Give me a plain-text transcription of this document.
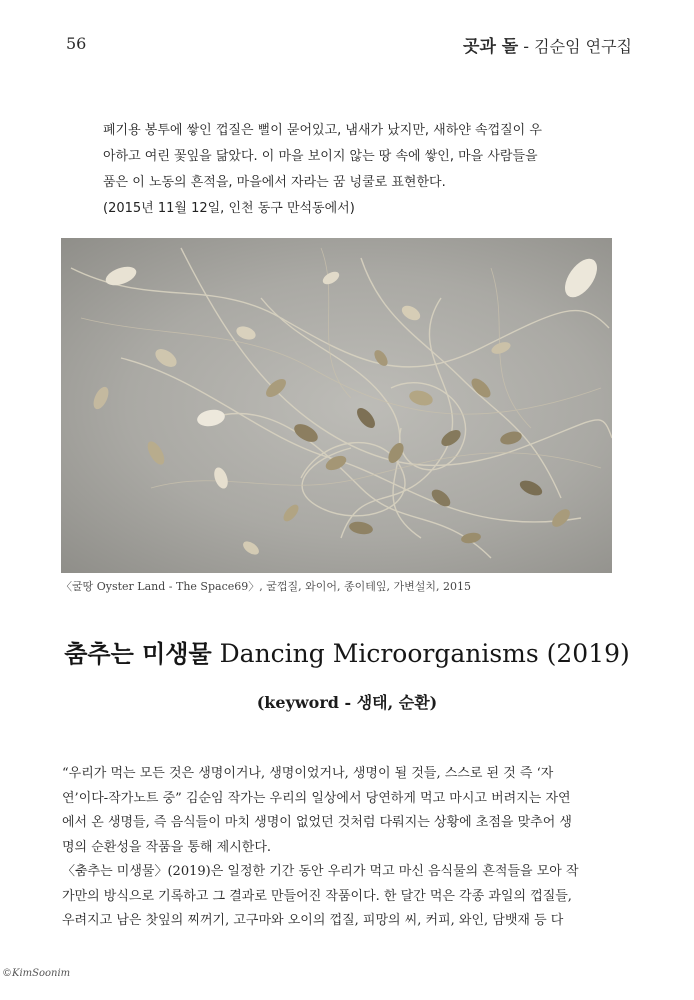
56	곳과 돌 - 김순임 연구집

폐기용 봉투에 쌓인 껍질은 뻘이 묻어있고, 냄새가 났지만, 새하얀 속껍질이 우

아하고 여린 꽃잎을 닮았다. 이 마을 보이지 않는 땅 속에 쌓인, 마을 사람들을

품은 이 노동의 흔적을, 마을에서 자라는 꿈 넝쿨로 표현한다.

(2015년 11월 12일, 인천 동구 만석동에서)

〈굴땅 Oyster Land - The Space69〉, 굴껍질, 와이어, 종이테잎, 가변설치, 2015
춤추는 미생물 Dancing Microorganisms (2019)
(keyword - 생태, 순환)
“우리가 먹는 모든 것은 생명이거나, 생명이었거나, 생명이 될 것들, 스스로 된 것 즉 ‘자
연’이다-작가노트 중” 김순임 작가는 우리의 일상에서 당연하게 먹고 마시고 버려지는 자연
에서 온 생명들, 즉 음식들이 마치 생명이 없었던 것처럼 다뤄지는 상황에 초점을 맞추어 생
명의 순환성을 작품을 통해 제시한다.
〈춤추는 미생물〉(2019)은 일정한 기간 동안 우리가 먹고 마신 음식물의 흔적들을 모아 작
가만의 방식으로 기록하고 그 결과로 만들어진 작품이다. 한 달간 먹은 각종 과일의 껍질들,
우려지고 남은 찻잎의 찌꺼기, 고구마와 오이의 껍질, 피망의 씨, 커피, 와인, 담뱃재 등 다
©KimSoonim
